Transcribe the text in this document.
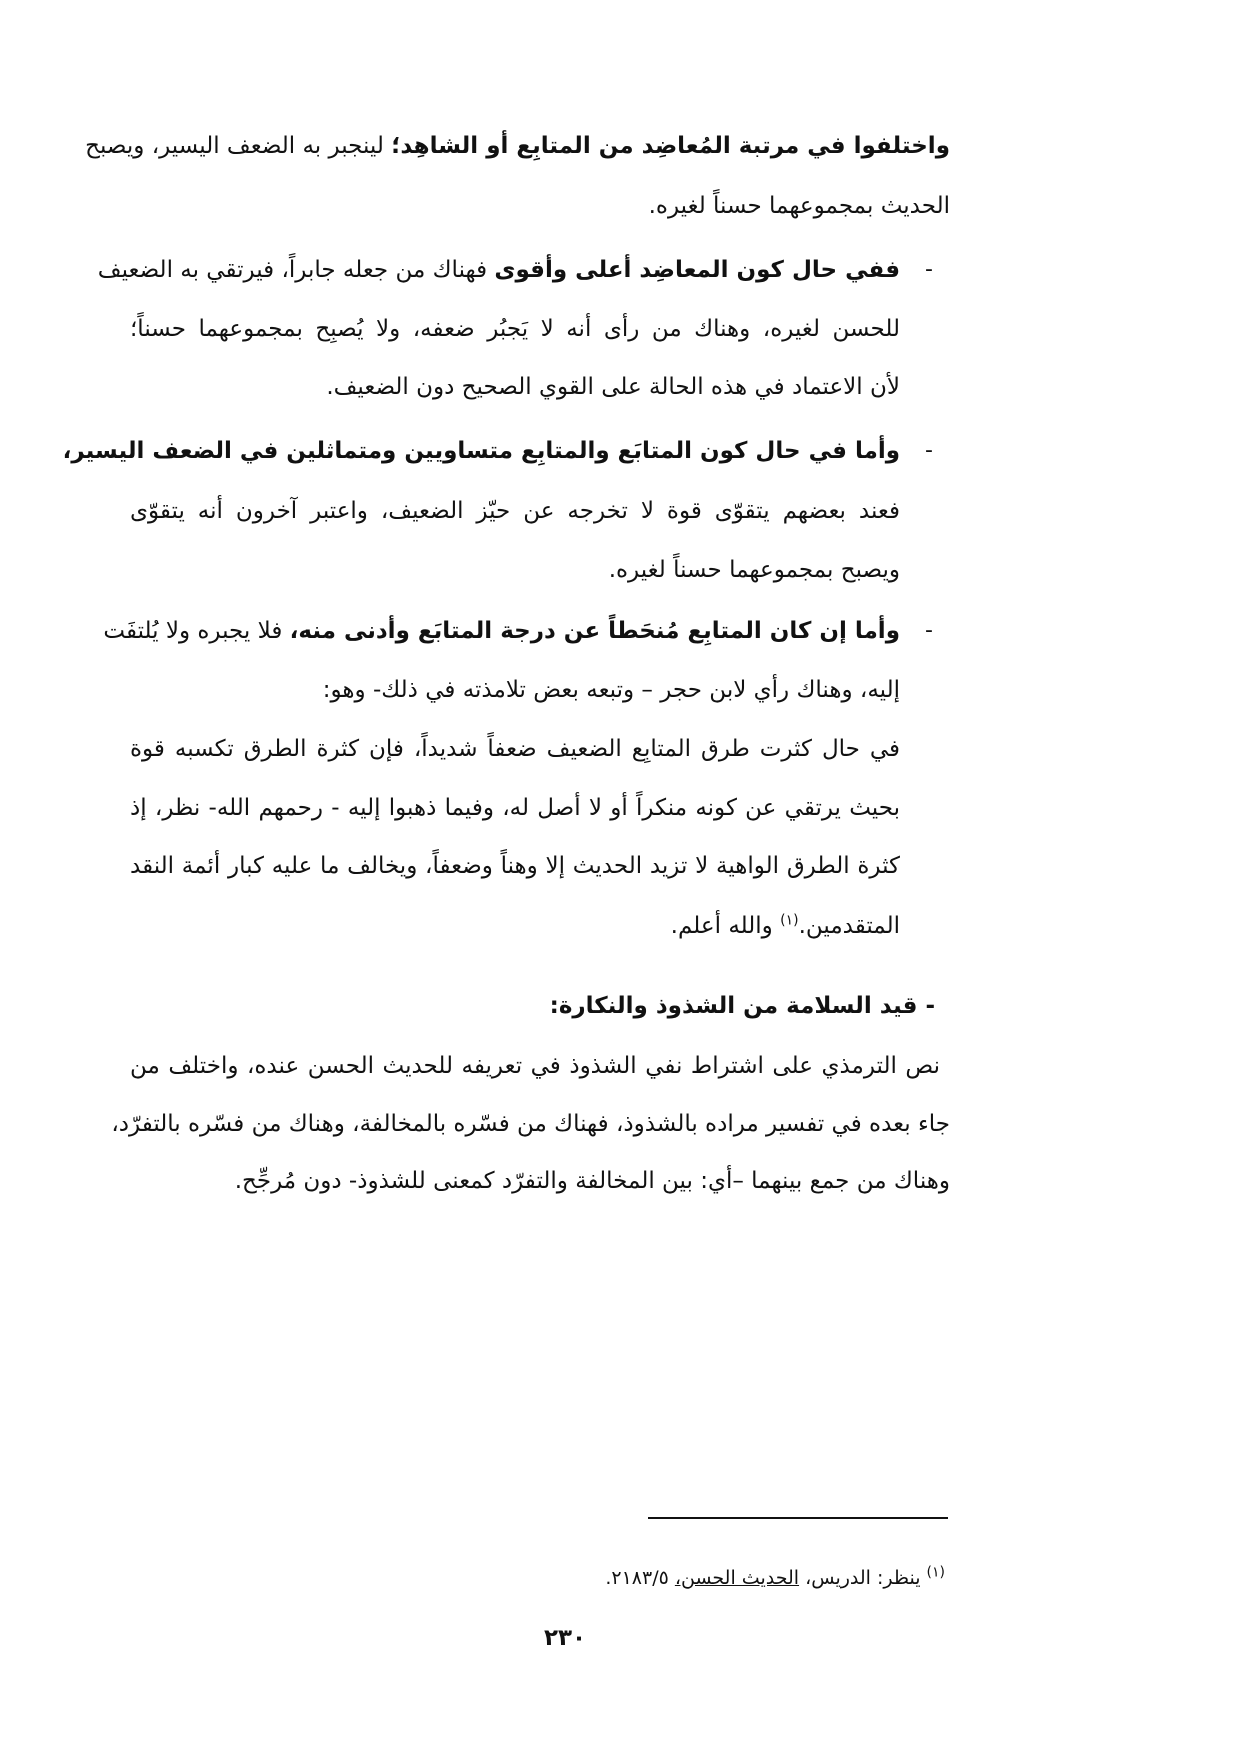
واختلفوا في مرتبة المُعاضِد من المتابِع أو الشاهِد؛ لينجبر به الضعف اليسير، ويصبح
الحديث بمجموعهما حسناً لغيره.
-
ففي حال كون المعاضِد أعلى وأقوى فهناك من جعله جابراً، فيرتقي به الضعيف
للحسن لغيره، وهناك من رأى أنه لا يَجبُر ضعفه، ولا يُصبِح بمجموعهما حسناً؛
لأن الاعتماد في هذه الحالة على القوي الصحيح دون الضعيف.
-
وأما في حال كون المتابَع والمتابِع متساويين ومتماثلين في الضعف اليسير،
فعند بعضهم يتقوّى قوة لا تخرجه عن حيّز الضعيف، واعتبر آخرون أنه يتقوّى
ويصبح بمجموعهما حسناً لغيره.
-
وأما إن كان المتابِع مُنحَطاً عن درجة المتابَع وأدنى منه، فلا يجبره ولا يُلتفَت
إليه، وهناك رأي لابن حجر – وتبعه بعض تلامذته في ذلك- وهو:
في حال كثرت طرق المتابِع الضعيف ضعفاً شديداً، فإن كثرة الطرق تكسبه قوة
بحيث يرتقي عن كونه منكراً أو لا أصل له، وفيما ذهبوا إليه - رحمهم الله- نظر، إذ
كثرة الطرق الواهية لا تزيد الحديث إلا وهناً وضعفاً، ويخالف ما عليه كبار أئمة النقد
المتقدمين.$^{(١)}$ والله أعلم.
- قيد السلامة من الشذوذ والنكارة:
نص الترمذي على اشتراط نفي الشذوذ في تعريفه للحديث الحسن عنده، واختلف من
جاء بعده في تفسير مراده بالشذوذ، فهناك من فسّره بالمخالفة، وهناك من فسّره بالتفرّد،
وهناك من جمع بينهما –أي: بين المخالفة والتفرّد كمعنى للشذوذ- دون مُرجِّح.
$^{(١)}$ ينظر: الدريس، الحديث الحسن، ٢١٨٣/٥.
٢٣٠
